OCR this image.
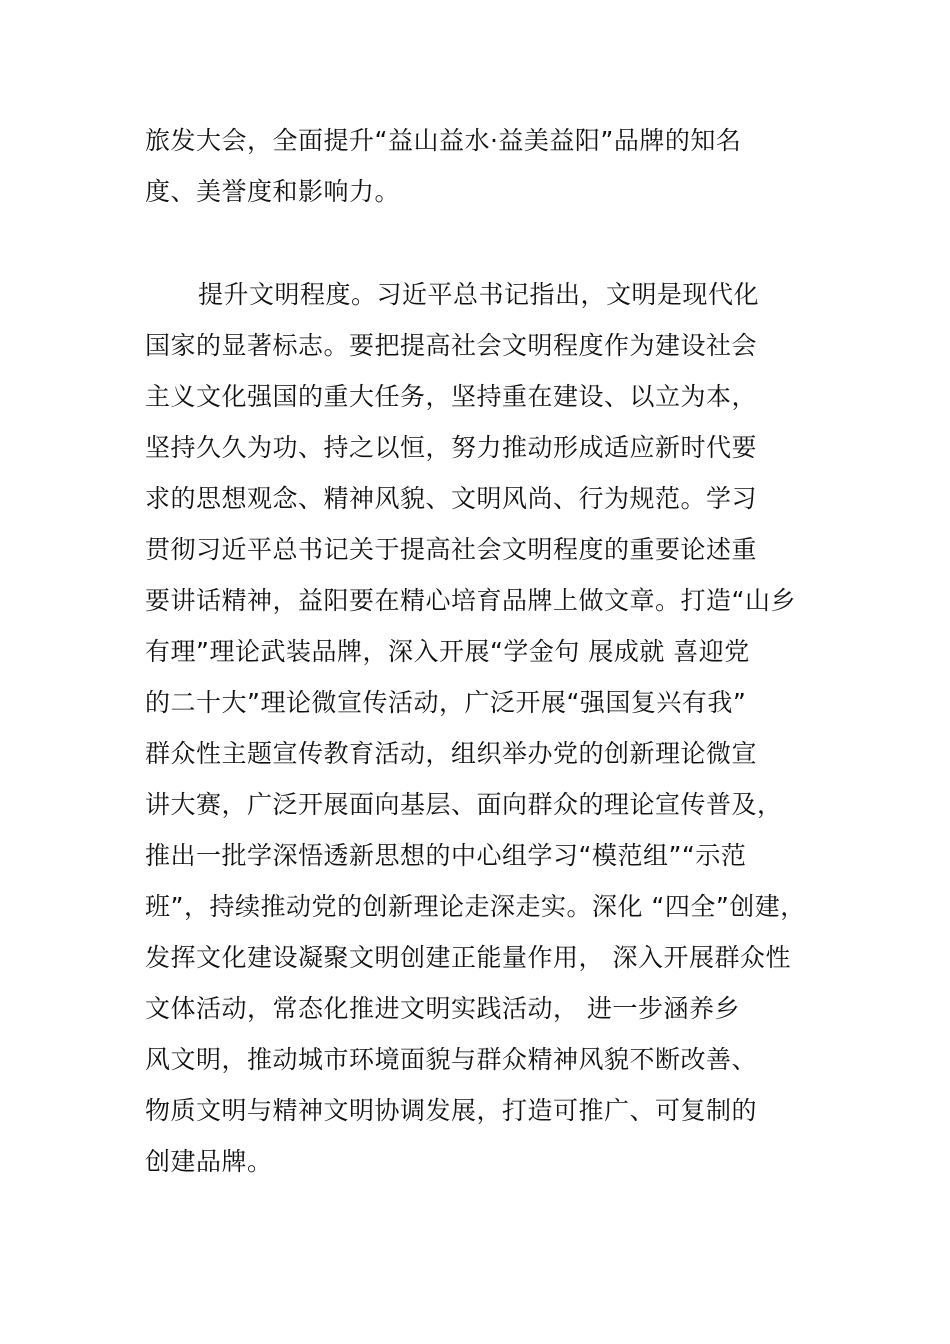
旅发大会，全面提升“益山益水·益美益阳”品牌的知名
度、美誉度和影响力。
提升文明程度。习近平总书记指出，文明是现代化
国家的显著标志。要把提高社会文明程度作为建设社会
主义文化强国的重大任务，坚持重在建设、以立为本，
坚持久久为功、持之以恒，努力推动形成适应新时代要
求的思想观念、精神风貌、文明风尚、行为规范。学习
贯彻习近平总书记关于提高社会文明程度的重要论述重
要讲话精神，益阳要在精心培育品牌上做文章。打造“山乡
有理”理论武装品牌，深入开展“学金句 展成就 喜迎党
的二十大”理论微宣传活动，广泛开展“强国复兴有我”
群众性主题宣传教育活动，组织举办党的创新理论微宣
讲大赛，广泛开展面向基层、面向群众的理论宣传普及，
推出一批学深悟透新思想的中心组学习“模范组”“示范
班”，持续推动党的创新理论走深走实。深化 “四全”创建，
发挥文化建设凝聚文明创建正能量作用， 深入开展群众性
文体活动，常态化推进文明实践活动， 进一步涵养乡
风文明，推动城市环境面貌与群众精神风貌不断改善、
物质文明与精神文明协调发展，打造可推广、可复制的
创建品牌。
